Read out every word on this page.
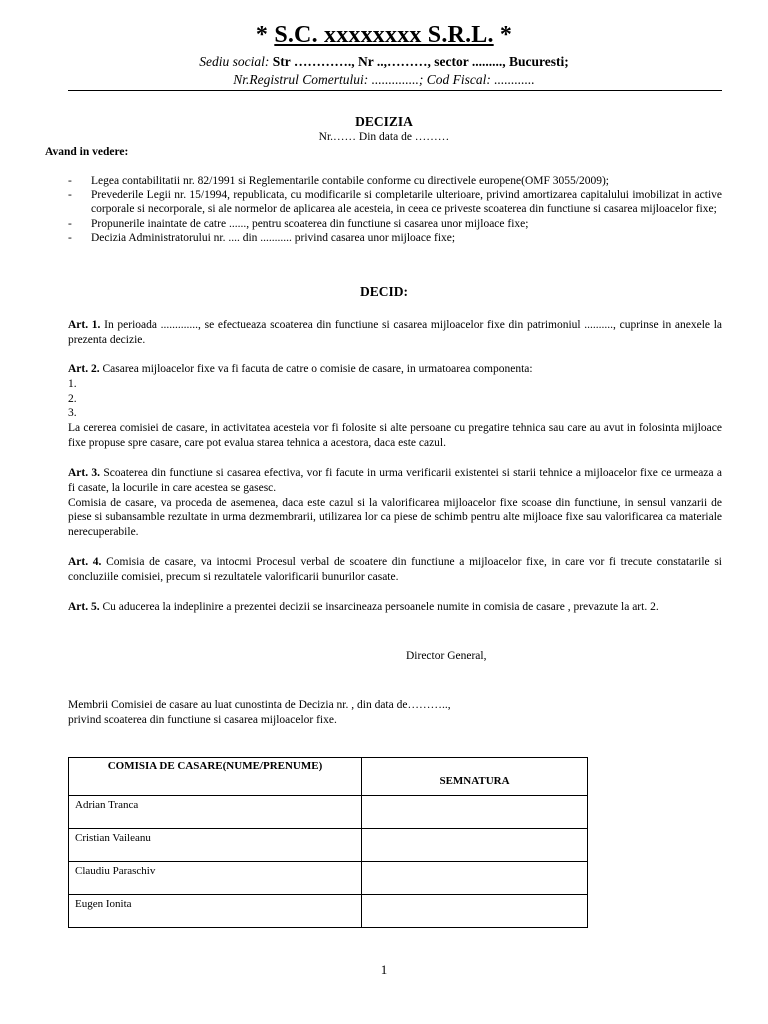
* S.C. xxxxxxxx S.R.L. *
Sediu social: Str …………., Nr ..,………, sector ........., Bucuresti;
Nr.Registrul Comertului: ..............; Cod Fiscal: ............
DECIZIA
Nr.…… Din data de ………
Avand in vedere:
- Legea contabilitatii nr. 82/1991 si Reglementarile contabile conforme cu directivele europene(OMF 3055/2009);
- Prevederile Legii nr. 15/1994, republicata, cu modificarile si completarile ulterioare, privind amortizarea capitalului imobilizat in active corporale si necorporale, si ale normelor de aplicarea ale acesteia, in ceea ce priveste scoaterea din functiune si casarea mijloacelor fixe;
- Propunerile inaintate de catre ......, pentru scoaterea din functiune si casarea unor mijloace fixe;
- Decizia Administratorului nr. .... din ........... privind casarea unor mijloace fixe;
DECID:
Art. 1. In perioada ............., se efectueaza scoaterea din functiune si casarea mijloacelor fixe din patrimoniul .........., cuprinse in anexele la prezenta decizie.
Art. 2. Casarea mijloacelor fixe va fi facuta de catre o comisie de casare, in urmatoarea componenta:
1.
2.
3.
La cererea comisiei de casare, in activitatea acesteia vor fi folosite si alte persoane cu pregatire tehnica sau care au avut in folosinta mijloace fixe propuse spre casare, care pot evalua starea tehnica a acestora, daca este cazul.
Art. 3. Scoaterea din functiune si casarea efectiva, vor fi facute in urma verificarii existentei si starii tehnice a mijloacelor fixe ce urmeaza a fi casate, la locurile in care acestea se gasesc.
Comisia de casare, va proceda de asemenea, daca este cazul si la valorificarea mijloacelor fixe scoase din functiune, in sensul vanzarii de piese si subansamble rezultate in urma dezmembrarii, utilizarea lor ca piese de schimb pentru alte mijloace fixe sau valorificarea ca materiale nerecuperabile.
Art. 4. Comisia de casare, va intocmi Procesul verbal de scoatere din functiune a mijloacelor fixe, in care vor fi trecute constatarile si concluziile comisiei, precum si rezultatele valorificarii bunurilor casate.
Art. 5. Cu aducerea la indeplinire a prezentei decizii se insarcineaza persoanele numite in comisia de casare , prevazute la art. 2.
Director General,
Membrii Comisiei de casare au luat cunostinta de Decizia nr. , din data de………..,
privind scoaterea din functiune si casarea mijloacelor fixe.
COMISIA DE CASARE(NUME/PRENUME)	SEMNATURA
Adrian Tranca	
Cristian Vaileanu	
Claudiu Paraschiv	
Eugen Ionita	
1
